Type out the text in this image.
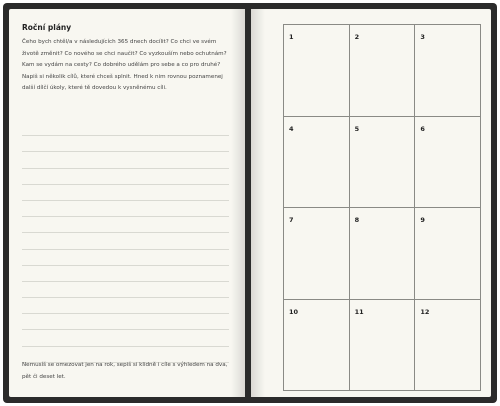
Roční plány

Čeho bych chtěl/a v následujících 365 dnech docílit? Co chci ve svém životě změnit? Co nového se chci naučit? Co vyzkouším nebo ochutnám? Kam se vydám na cesty? Co dobrého udělám pro sebe a co pro druhé? Napiš si několik cílů, které chceš splnit. Hned k nim rovnou poznamenej další dílčí úkoly, které tě dovedou k vysněnému cíli.

Nemusíš se omezovat jen na rok, sepiš si klidně i cíle s výhledem na dva, pět či deset let.

1	2	3
4	5	6
7	8	9
10	11	12
